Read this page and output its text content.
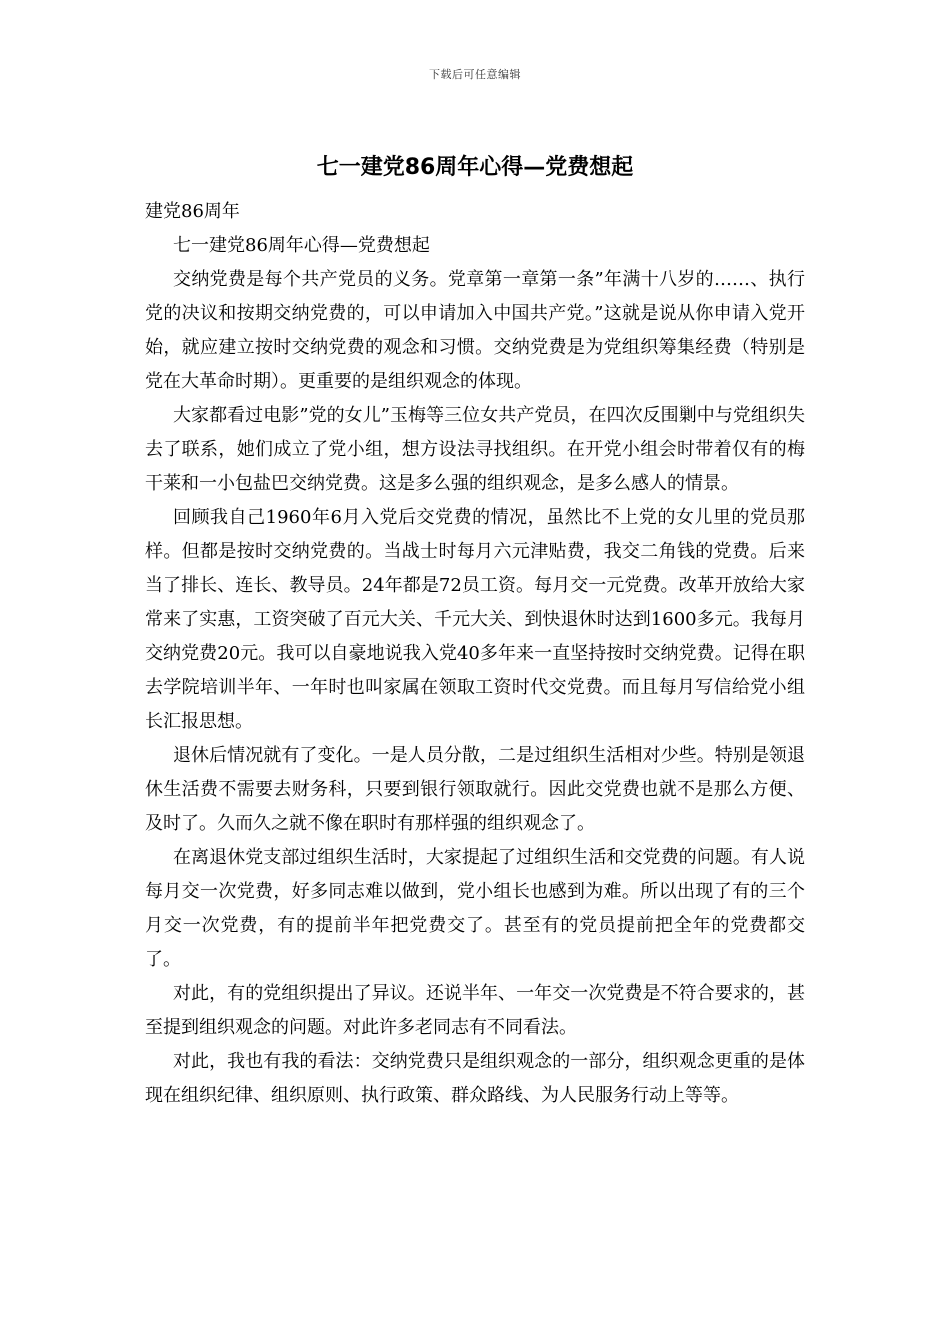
下载后可任意编辑
七一建党86周年心得—党费想起

建党86周年

七一建党86周年心得—党费想起

交纳党费是每个共产党员的义务。党章第一章第一条”年满十八岁的……、执行党的决议和按期交纳党费的，可以申请加入中国共产党。”这就是说从你申请入党开始，就应建立按时交纳党费的观念和习惯。交纳党费是为党组织筹集经费（特别是党在大革命时期）。更重要的是组织观念的体现。

大家都看过电影”党的女儿”玉梅等三位女共产党员，在四次反围剿中与党组织失去了联系，她们成立了党小组，想方设法寻找组织。在开党小组会时带着仅有的梅干莱和一小包盐巴交纳党费。这是多么强的组织观念，是多么感人的情景。

回顾我自己1960年6月入党后交党费的情况，虽然比不上党的女儿里的党员那样。但都是按时交纳党费的。当战士时每月六元津贴费，我交二角钱的党费。后来当了排长、连长、教导员。24年都是72员工资。每月交一元党费。改革开放给大家常来了实惠，工资突破了百元大关、千元大关、到快退休时达到1600多元。我每月交纳党费20元。我可以自豪地说我入党40多年来一直坚持按时交纳党费。记得在职去学院培训半年、一年时也叫家属在领取工资时代交党费。而且每月写信给党小组长汇报思想。

退休后情况就有了变化。一是人员分散，二是过组织生活相对少些。特别是领退休生活费不需要去财务科，只要到银行领取就行。因此交党费也就不是那么方便、及时了。久而久之就不像在职时有那样强的组织观念了。

在离退休党支部过组织生活时，大家提起了过组织生活和交党费的问题。有人说每月交一次党费，好多同志难以做到，党小组长也感到为难。所以出现了有的三个月交一次党费，有的提前半年把党费交了。甚至有的党员提前把全年的党费都交了。

对此，有的党组织提出了异议。还说半年、一年交一次党费是不符合要求的，甚至提到组织观念的问题。对此许多老同志有不同看法。

对此，我也有我的看法：交纳党费只是组织观念的一部分，组织观念更重的是体现在组织纪律、组织原则、执行政策、群众路线、为人民服务行动上等等。
